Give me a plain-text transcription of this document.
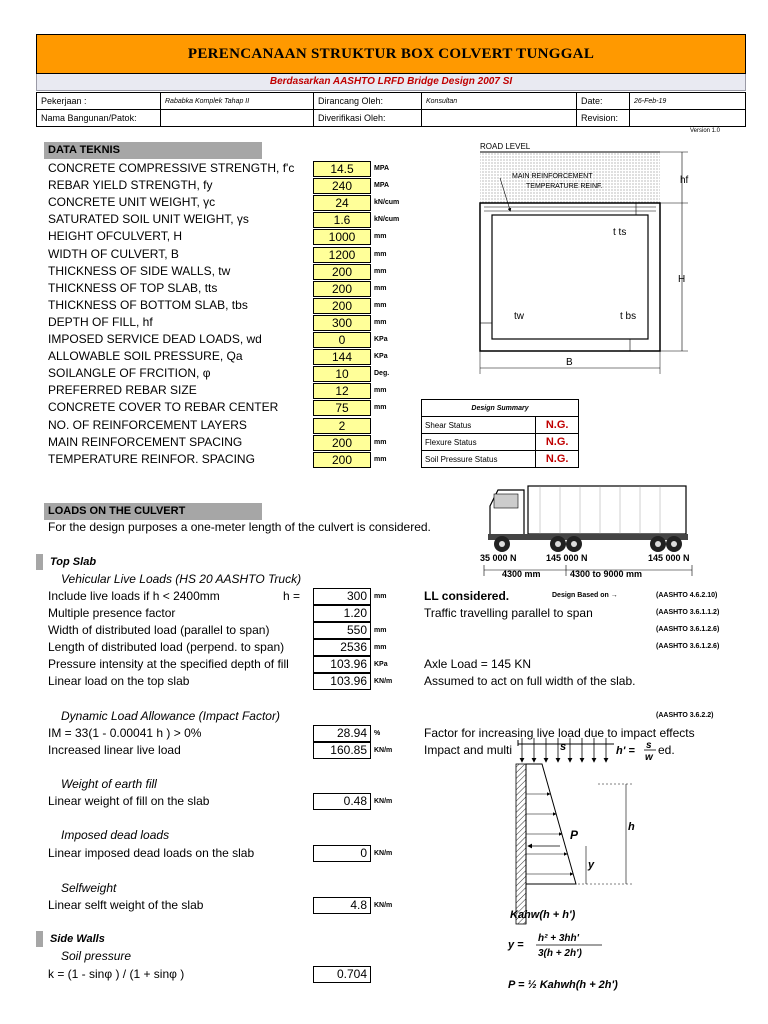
PERENCANAAN STRUKTUR BOX COLVERT TUNGGAL
Berdasarkan AASHTO LRFD Bridge Design 2007 SI
Pekerjaan :	Rababka Komplek Tahap II	Dirancang Oleh:	Konsultan	Date:	26-Feb-19
Nama Bangunan/Patok:		Diverifikasi Oleh:		Revision:	
Version 1.0
DATA TEKNIS
CONCRETE COMPRESSIVE STRENGTH, f'c	14.5	MPA
REBAR YIELD STRENGTH, fy	240	MPA
CONCRETE UNIT WEIGHT, γc	24	kN/cum
SATURATED SOIL UNIT WEIGHT, γs	1.6	kN/cum
HEIGHT OFCULVERT, H	1000	mm
WIDTH OF CULVERT, B	1200	mm
THICKNESS OF SIDE WALLS, tw	200	mm
THICKNESS OF TOP SLAB, tts	200	mm
THICKNESS OF BOTTOM SLAB, tbs	200	mm
DEPTH OF FILL, hf	300	mm
IMPOSED SERVICE DEAD LOADS, wd	0	KPa
ALLOWABLE SOIL PRESSURE, Qa	144	KPa
SOILANGLE OF FRCITION, φ	10	Deg.
PREFERRED REBAR SIZE	12	mm
CONCRETE COVER TO REBAR CENTER	75	mm
NO. OF REINFORCEMENT LAYERS	2
MAIN REINFORCEMENT SPACING	200	mm
TEMPERATURE REINFOR. SPACING	200	mm
Design Summary	
Shear Status	N.G.
Flexure Status	N.G.
Soil Pressure Status	N.G.
ROAD LEVEL
MAIN REINFORCEMENT
TEMPERATURE REINF.
hf
H
t ts
tw	t bs
B
LOADS ON THE CULVERT
For the design purposes a one-meter length of the culvert is considered.
35 000 N	145 000 N	145 000 N
4300 mm	4300 to 9000 mm
Top Slab
Vehicular Live Loads (HS 20 AASHTO Truck)
Include live loads if h < 2400mm	h =	300	mm	LL considered.	Design Based on →	(AASHTO 4.6.2.10)
Multiple presence factor	1.20	Traffic travelling parallel to span	(AASHTO 3.6.1.1.2)
Width of distributed load (parallel to span)	550	mm	(AASHTO 3.6.1.2.6)
Length of distributed load (perpend. to span)	2536	mm	(AASHTO 3.6.1.2.6)
Pressure intensity at the specified depth of fill	103.96	KPa	Axle Load = 145 KN
Linear load on the top slab	103.96	KN/m	Assumed to act on full width of the slab.
Dynamic Load Allowance (Impact Factor)	(AASHTO 3.6.2.2)
IM = 33(1 - 0.00041 h ) > 0%	28.94	%	Factor for increasing live load due to impact effects
Increased linear live load	160.85	KN/m	Impact and multi	ed.
Weight of earth fill
Linear weight of fill on the slab	0.48	KN/m
Imposed dead loads
Linear imposed dead loads on the slab	0	KN/m
Selfweight
Linear selft weight of the slab	4.8	KN/m
Side Walls
Soil pressure
k = (1 - sinφ ) / (1 + sinφ )	0.704
s
P
y
h
h' = s
w
Kahw(h + h')
y =
h² + 3hh'
3(h + 2h')
P = ½ Kahwh(h + 2h')
